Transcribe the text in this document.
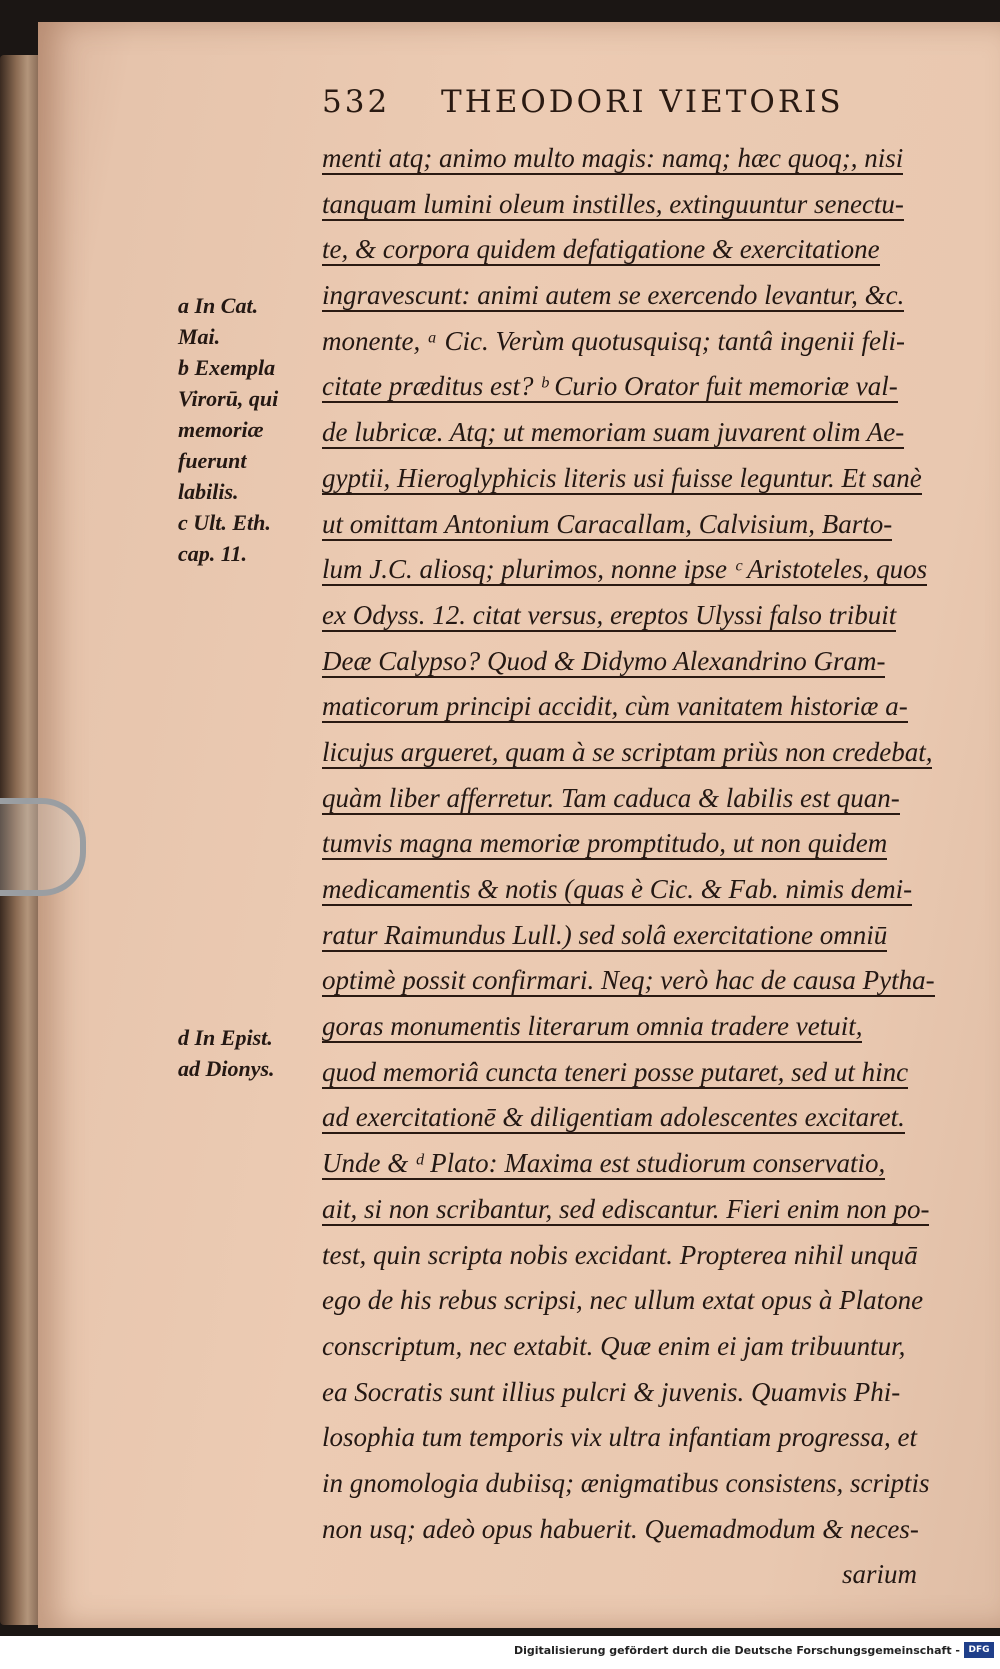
532 THEODORI VIETORIS
a In Cat.
Mai.
b Exempla
Virorū, qui
memoriæ
fuerunt
labilis.
c Ult. Eth.
cap. 11.
d In Epist.
ad Dionys.
menti atq; animo multo magis: namq; hæc quoq;, nisi
tanquam lumini oleum instilles, extinguuntur senectu-
te, & corpora quidem defatigatione & exercitatione
ingravescunt: animi autem se exercendo levantur, &c.
monente, ᵃ Cic. Verùm quotusquisq; tantâ ingenii feli-
citate præditus est? ᵇ Curio Orator fuit memoriæ val-
de lubricæ. Atq; ut memoriam suam juvarent olim Ae-
gyptii, Hieroglyphicis literis usi fuisse leguntur. Et sanè
ut omittam Antonium Caracallam, Calvisium, Barto-
lum J.C. aliosq; plurimos, nonne ipse ᶜ Aristoteles, quos
ex Odyss. 12. citat versus, ereptos Ulyssi falso tribuit
Deæ Calypso? Quod & Didymo Alexandrino Gram-
maticorum principi accidit, cùm vanitatem historiæ a-
licujus argueret, quam à se scriptam priùs non credebat,
quàm liber afferretur. Tam caduca & labilis est quan-
tumvis magna memoriæ promptitudo, ut non quidem
medicamentis & notis (quas è Cic. & Fab. nimis demi-
ratur Raimundus Lull.) sed solâ exercitatione omniū
optimè possit confirmari. Neq; verò hac de causa Pytha-
goras monumentis literarum omnia tradere vetuit,
quod memoriâ cuncta teneri posse putaret, sed ut hinc
ad exercitationē & diligentiam adolescentes excitaret.
Unde & ᵈ Plato: Maxima est studiorum conservatio,
ait, si non scribantur, sed ediscantur. Fieri enim non po-
test, quin scripta nobis excidant. Propterea nihil unquā
ego de his rebus scripsi, nec ullum extat opus à Platone
conscriptum, nec extabit. Quæ enim ei jam tribuuntur,
ea Socratis sunt illius pulcri & juvenis. Quamvis Phi-
losophia tum temporis vix ultra infantiam progressa, et
in gnomologia dubiisq; ænigmatibus consistens, scriptis
non usq; adeò opus habuerit. Quemadmodum & neces-
sarium
Digitalisierung gefördert durch die Deutsche Forschungsgemeinschaft - DFG
